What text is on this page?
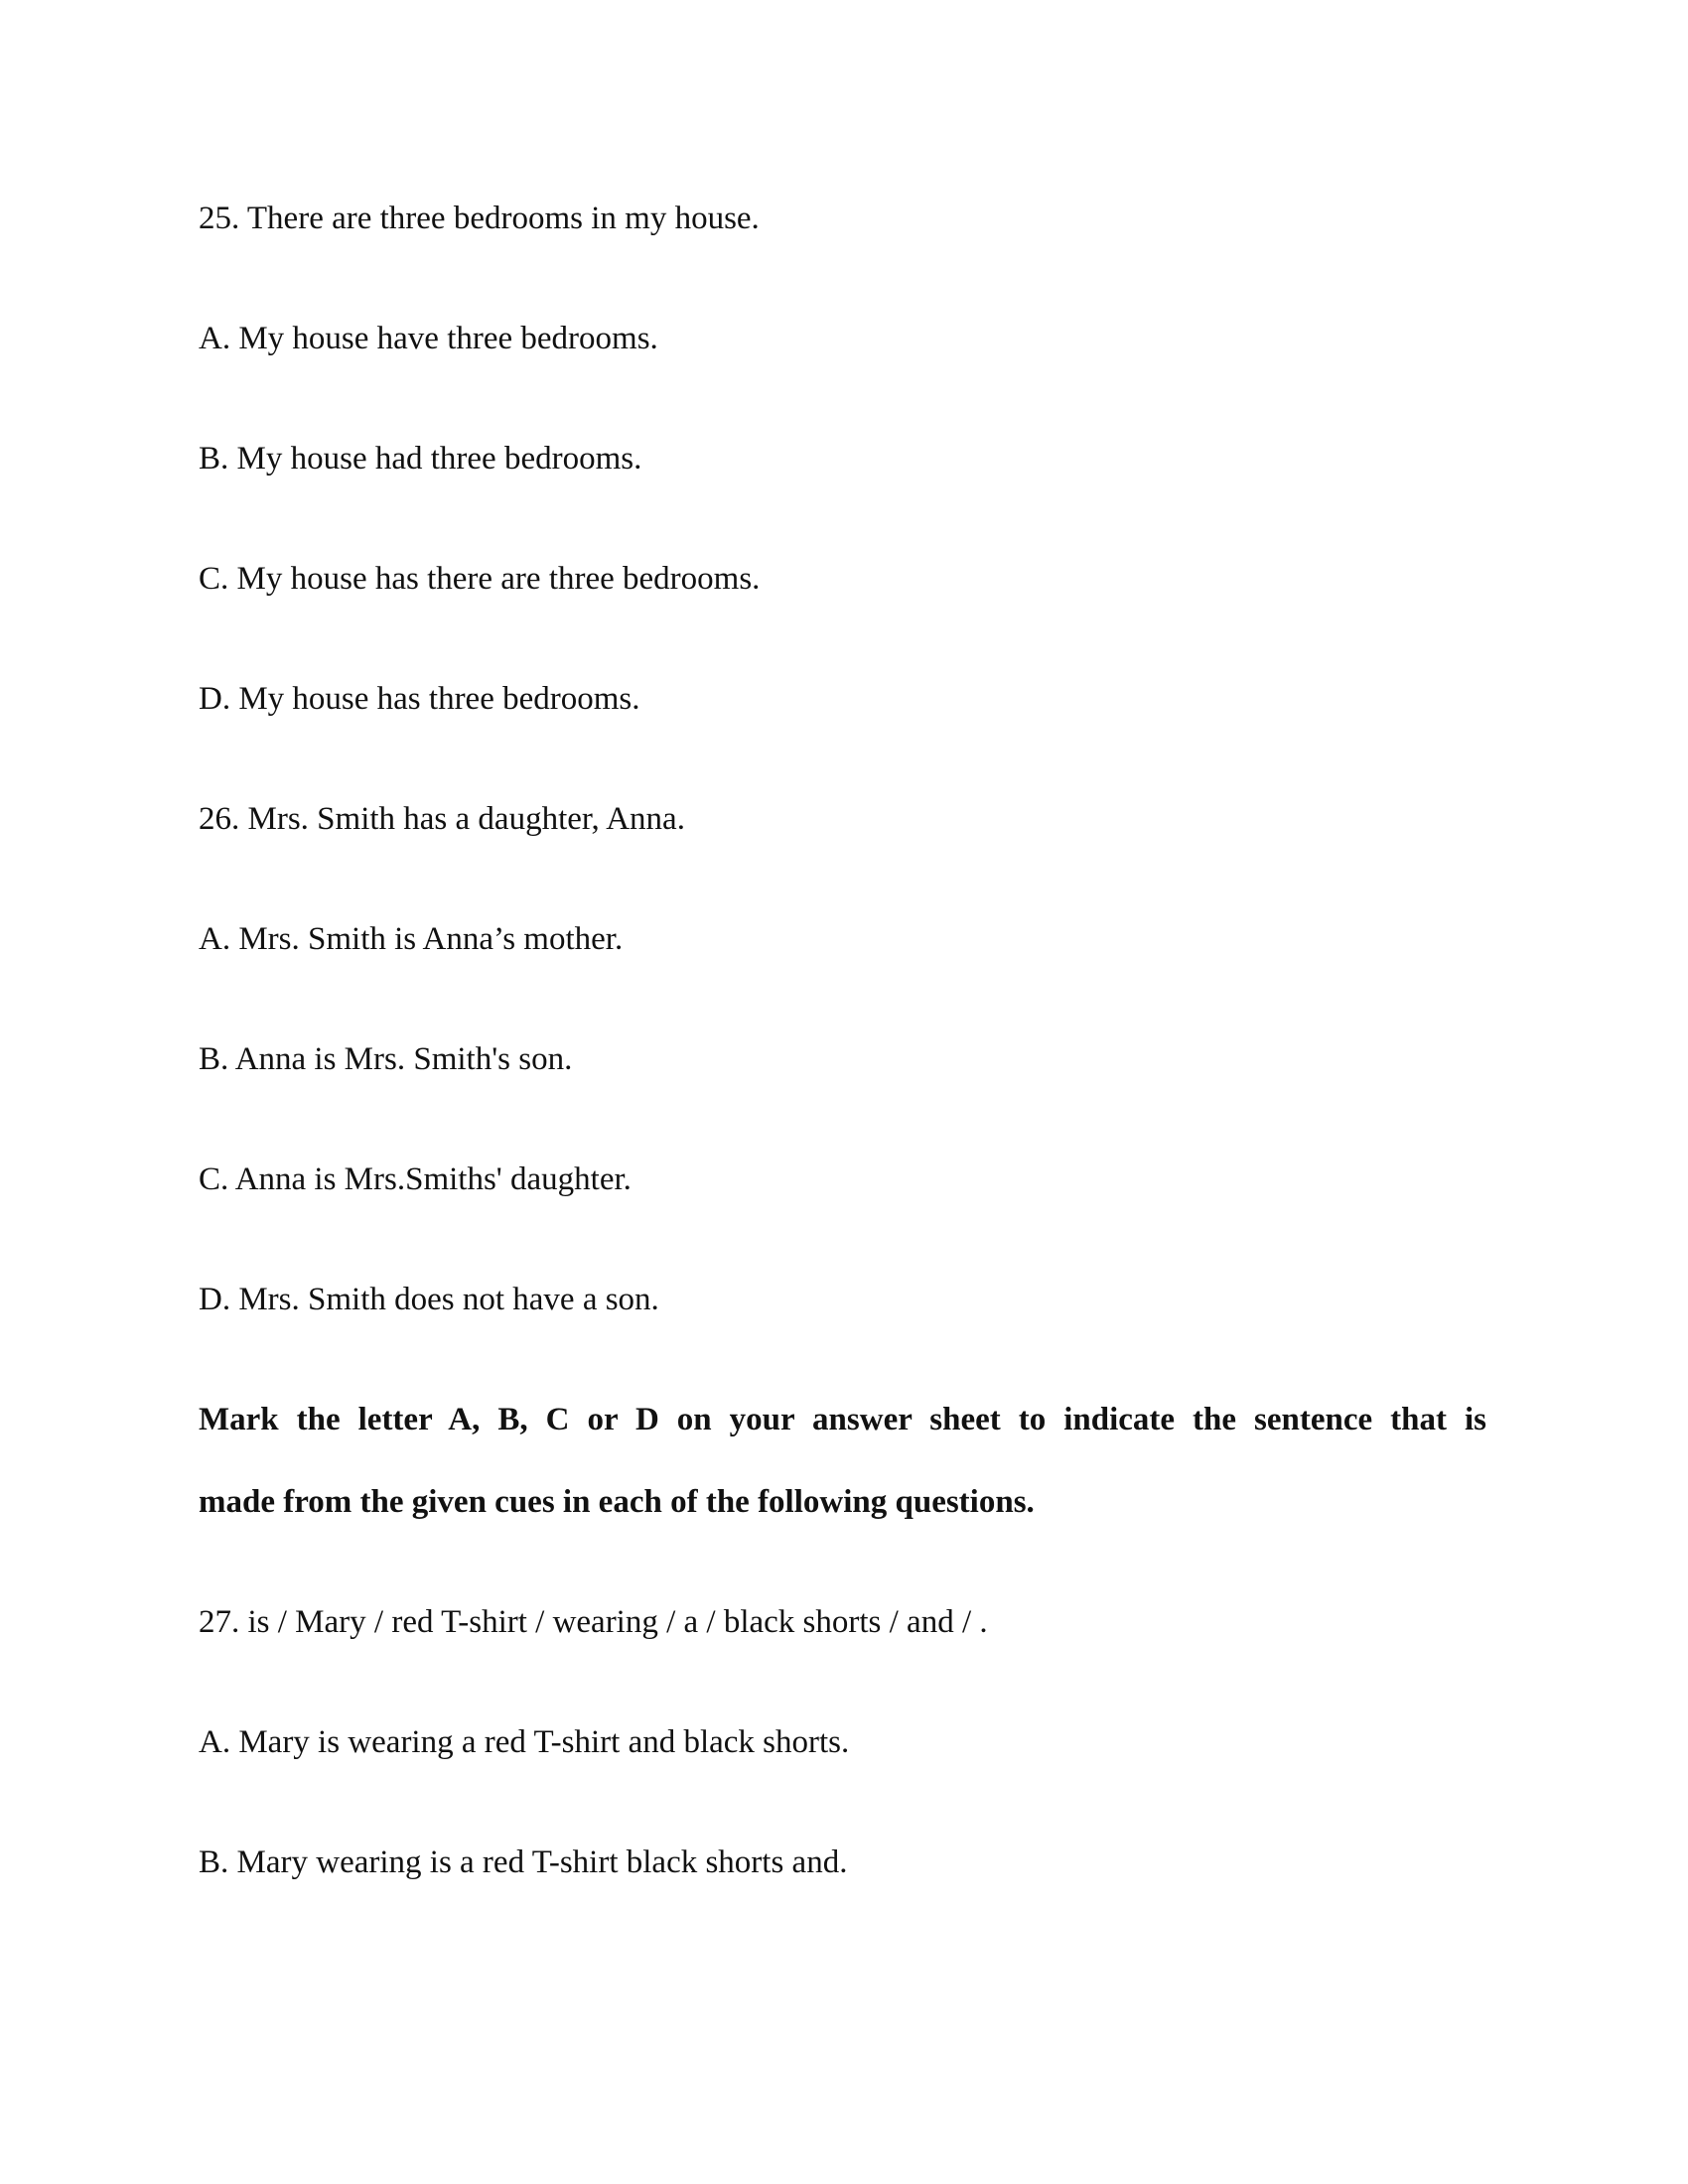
25. There are three bedrooms in my house.
A. My house have three bedrooms.
B. My house had three bedrooms.
C. My house has there are three bedrooms.
D. My house has three bedrooms.
26. Mrs. Smith has a daughter, Anna.
A. Mrs. Smith is Anna’s mother.
B. Anna is Mrs. Smith's son.
C. Anna is Mrs.Smiths' daughter.
D. Mrs. Smith does not have a son.
Mark the letter A, B, C or D on your answer sheet to indicate the sentence that is
made from the given cues in each of the following questions.
27. is / Mary / red T-shirt / wearing / a / black shorts / and / .
A. Mary is wearing a red T-shirt and black shorts.
B. Mary wearing is a red T-shirt black shorts and.
